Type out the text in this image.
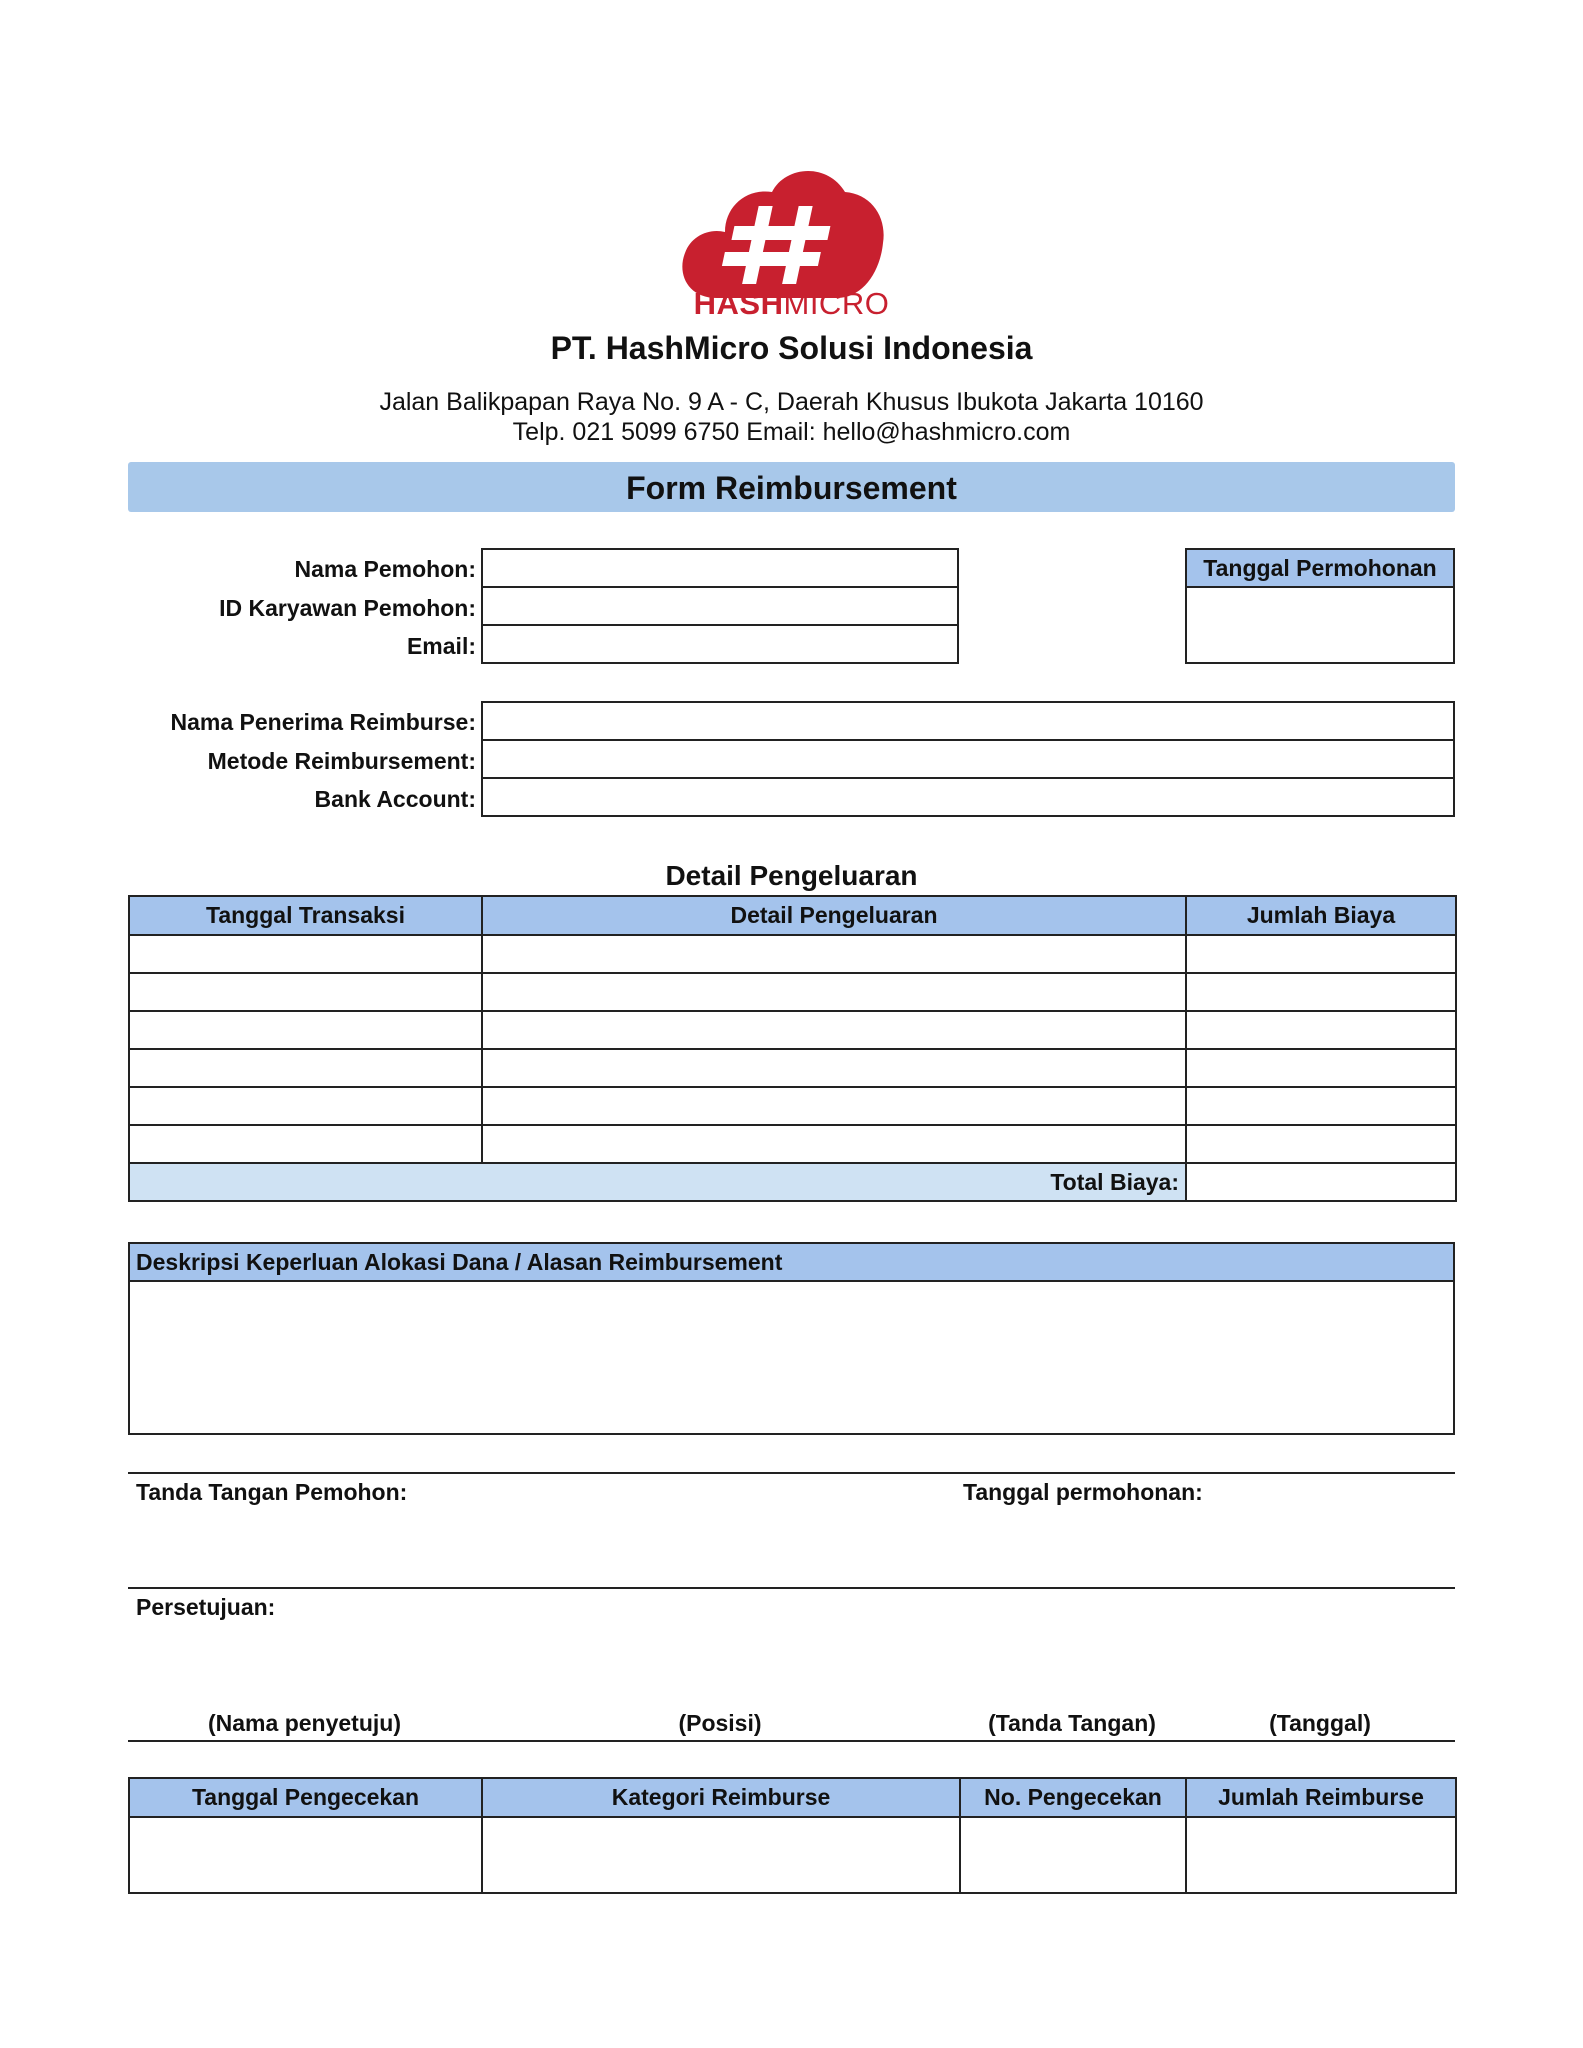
HASHMICRO
PT. HashMicro Solusi Indonesia
Jalan Balikpapan Raya No. 9 A - C, Daerah Khusus Ibukota Jakarta 10160
Telp. 021 5099 6750 Email: hello@hashmicro.com
Form Reimbursement
Nama Pemohon:
ID Karyawan Pemohon:
Email:
Tanggal Permohonan
Nama Penerima Reimburse:
Metode Reimbursement:
Bank Account:
Detail Pengeluaran
Tanggal Transaksi	Detail Pengeluaran	Jumlah Biaya

Total Biaya:		
Deskripsi Keperluan Alokasi Dana / Alasan Reimbursement
Tanda Tangan Pemohon:	Tanggal permohonan:
Persetujuan:
(Nama penyetuju)	(Posisi)	(Tanda Tangan)	(Tanggal)
Tanggal Pengecekan	Kategori Reimburse	No. Pengecekan	Jumlah Reimburse
